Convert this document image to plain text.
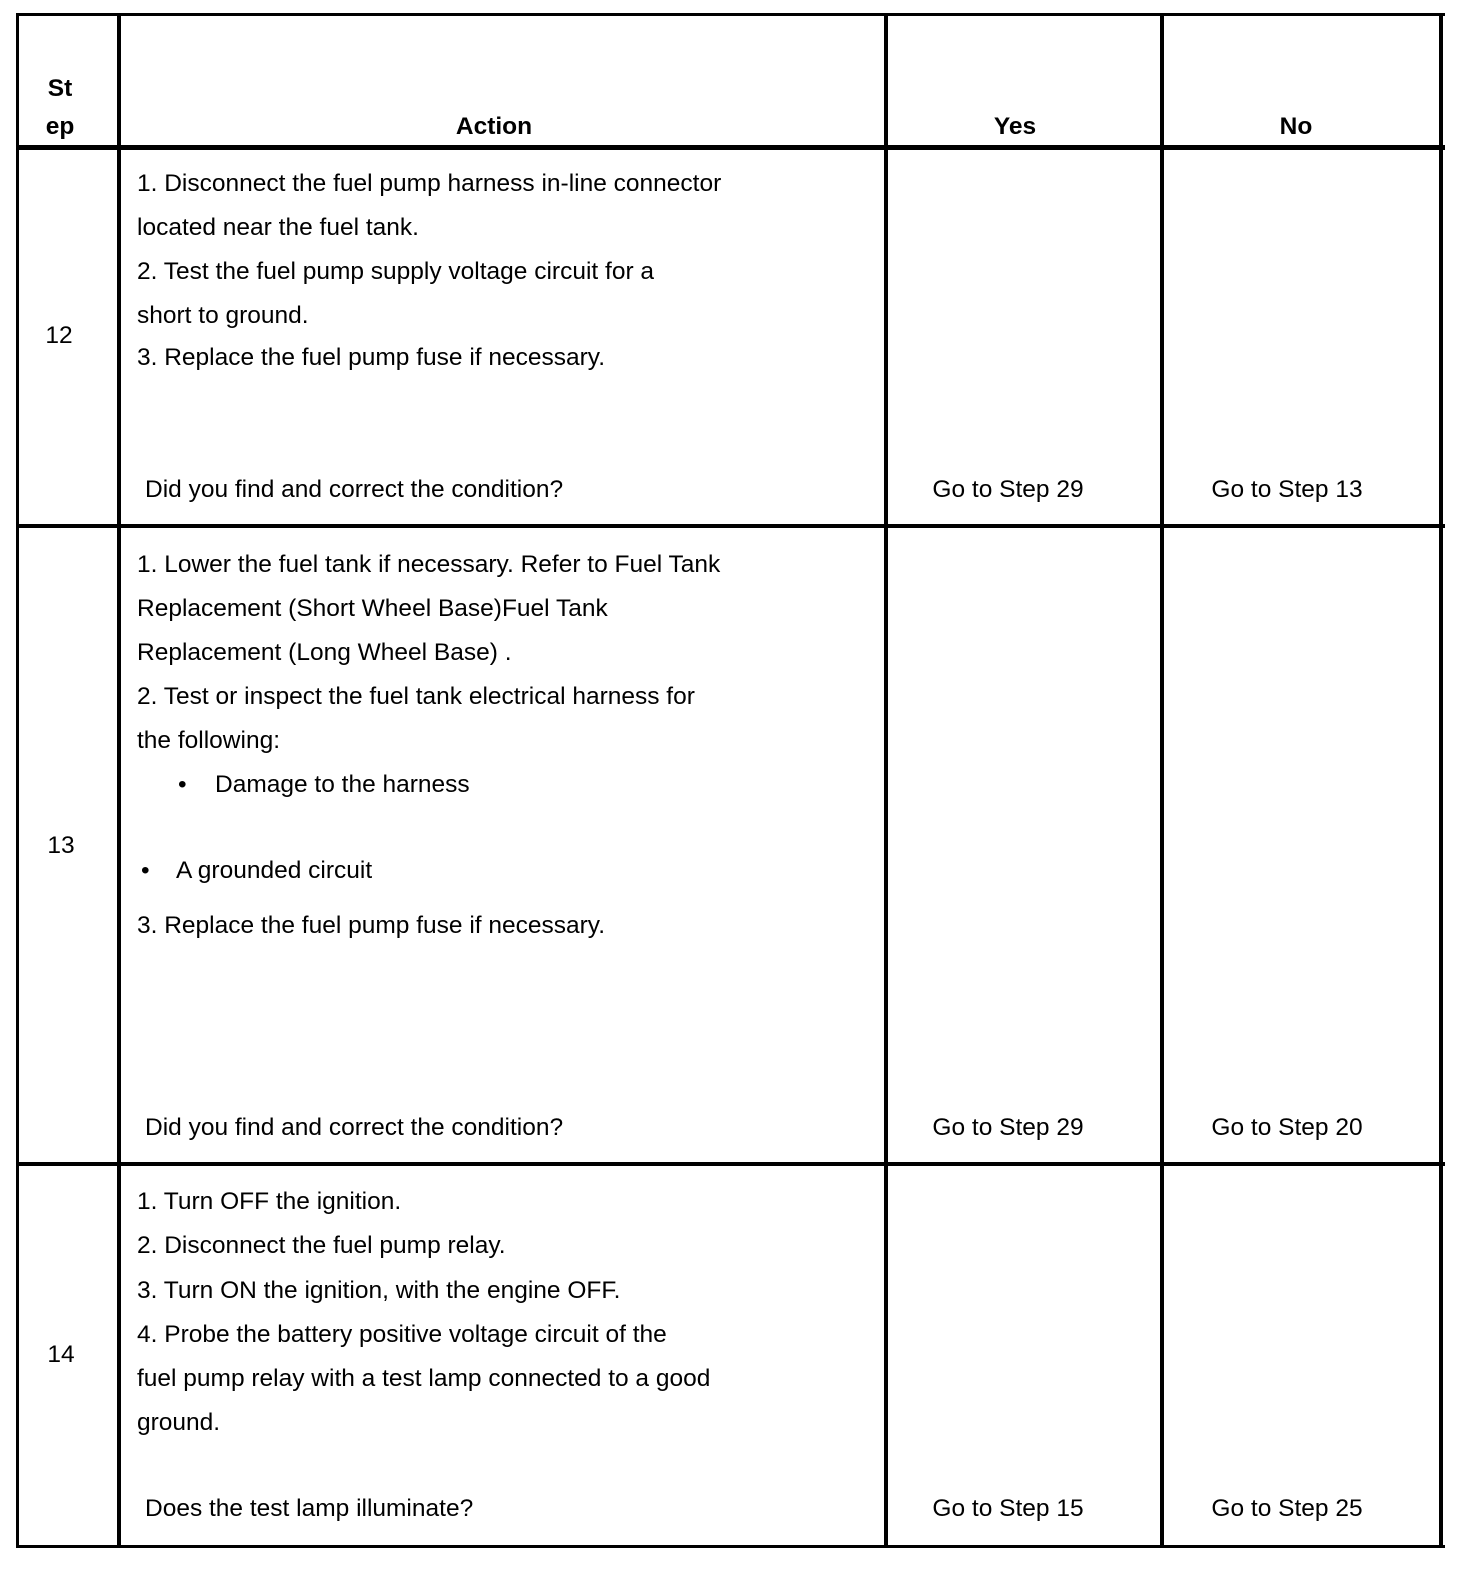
St
ep	Action	Yes	No
12
1. Disconnect the fuel pump harness in-line connector
located near the fuel tank.
2. Test the fuel pump supply voltage circuit for a
short to ground.
3. Replace the fuel pump fuse if necessary.
Did you find and correct the condition?	Go to Step 29	Go to Step 13
13
1. Lower the fuel tank if necessary. Refer to Fuel Tank
Replacement (Short Wheel Base)Fuel Tank
Replacement (Long Wheel Base) .
2. Test or inspect the fuel tank electrical harness for
the following:
• Damage to the harness
• A grounded circuit
3. Replace the fuel pump fuse if necessary.
Did you find and correct the condition?	Go to Step 29	Go to Step 20
14
1. Turn OFF the ignition.
2. Disconnect the fuel pump relay.
3. Turn ON the ignition, with the engine OFF.
4. Probe the battery positive voltage circuit of the
fuel pump relay with a test lamp connected to a good
ground.
Does the test lamp illuminate?	Go to Step 15	Go to Step 25
